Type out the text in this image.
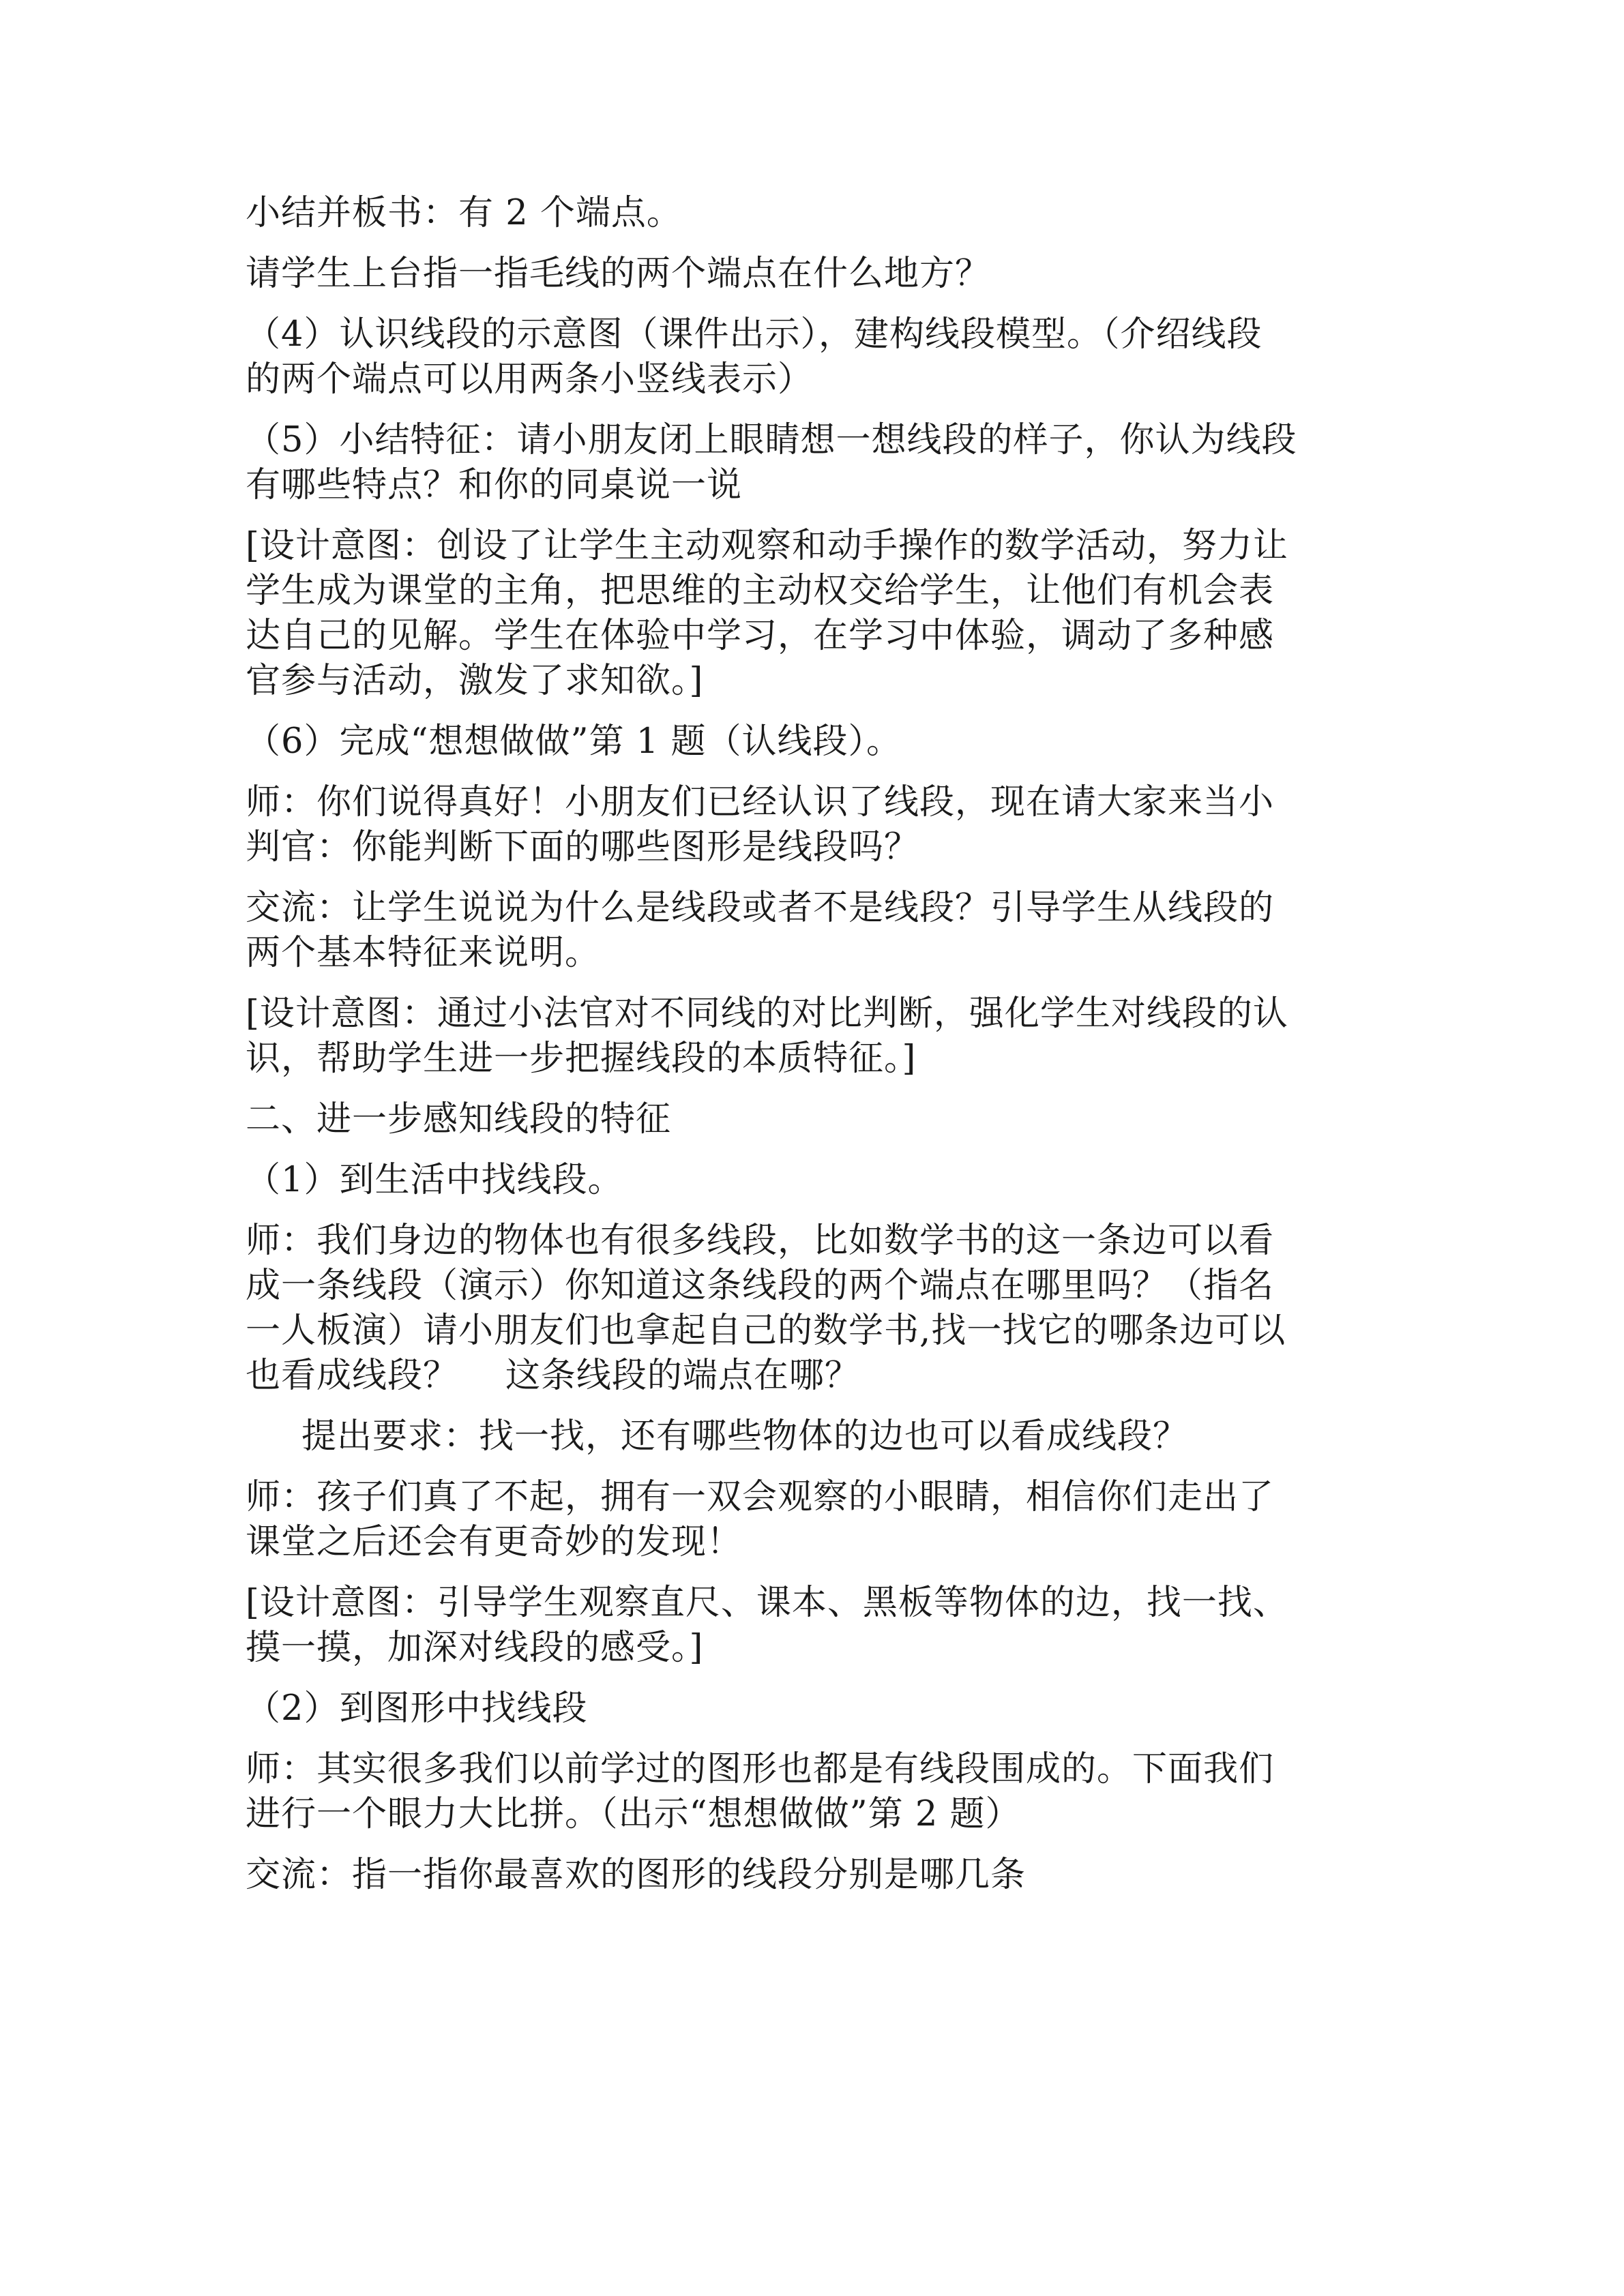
小结并板书：有 2 个端点。
请学生上台指一指毛线的两个端点在什么地方？
（4）认识线段的示意图（课件出示），建构线段模型。（介绍线段
的两个端点可以用两条小竖线表示）
（5）小结特征：请小朋友闭上眼睛想一想线段的样子，你认为线段
有哪些特点？和你的同桌说一说
[设计意图：创设了让学生主动观察和动手操作的数学活动，努力让
学生成为课堂的主角，把思维的主动权交给学生，让他们有机会表
达自己的见解。学生在体验中学习，在学习中体验，调动了多种感
官参与活动，激发了求知欲。]
（6）完成“想想做做”第 1 题（认线段）。
师：你们说得真好！小朋友们已经认识了线段，现在请大家来当小
判官：你能判断下面的哪些图形是线段吗？
交流：让学生说说为什么是线段或者不是线段？引导学生从线段的
两个基本特征来说明。
[设计意图：通过小法官对不同线的对比判断，强化学生对线段的认
识，帮助学生进一步把握线段的本质特征。]
二、进一步感知线段的特征
（1）到生活中找线段。
师：我们身边的物体也有很多线段，比如数学书的这一条边可以看
成一条线段（演示）你知道这条线段的两个端点在哪里吗？（指名
一人板演）请小朋友们也拿起自己的数学书,找一找它的哪条边可以
也看成线段？    这条线段的端点在哪？
提出要求：找一找，还有哪些物体的边也可以看成线段？
师：孩子们真了不起，拥有一双会观察的小眼睛，相信你们走出了
课堂之后还会有更奇妙的发现！
[设计意图：引导学生观察直尺、课本、黑板等物体的边，找一找、
摸一摸，加深对线段的感受。]
（2）到图形中找线段
师：其实很多我们以前学过的图形也都是有线段围成的。下面我们
进行一个眼力大比拼。（出示“想想做做”第 2 题）
交流：指一指你最喜欢的图形的线段分别是哪几条
